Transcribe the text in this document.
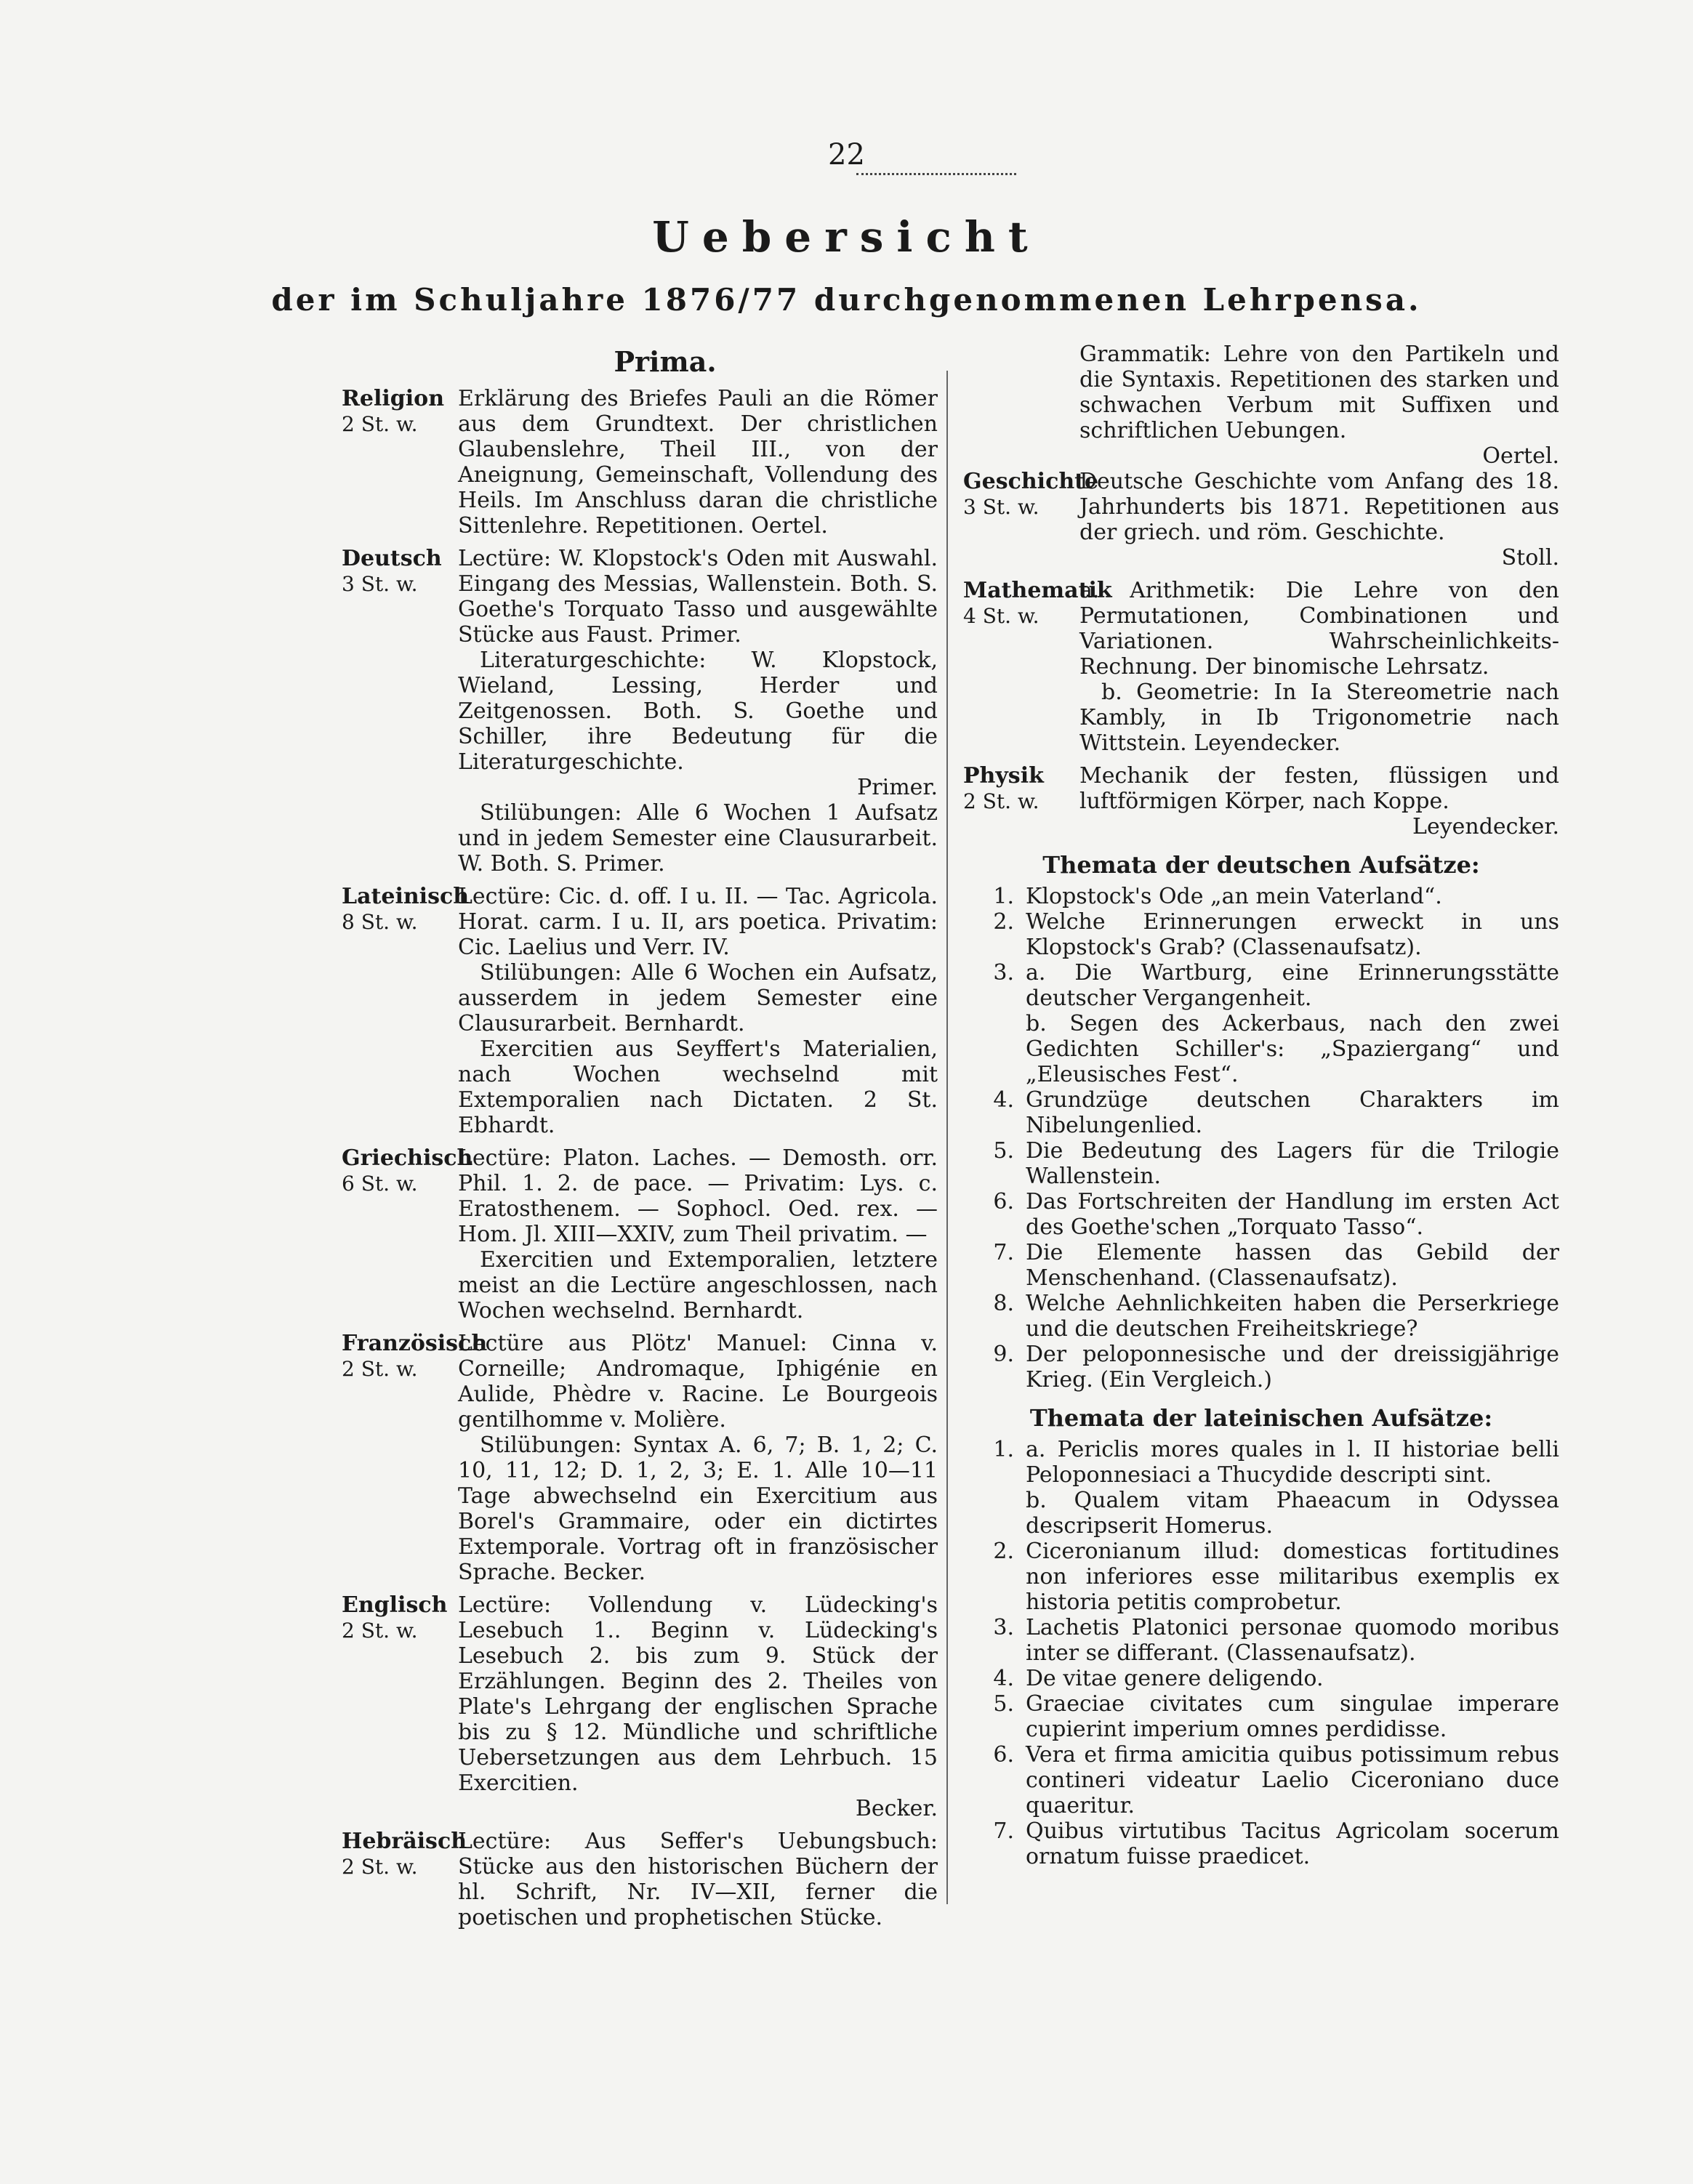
22
Uebersicht
der im Schuljahre 1876/77 durchgenommenen Lehrpensa.
Prima.
Religion
2 St. w.

Erklärung des Briefes Pauli an die Römer aus dem Grundtext. Der christlichen Glaubenslehre, Theil III., von der Aneignung, Gemeinschaft, Vollendung des Heils. Im Anschluss daran die christliche Sittenlehre. Repetitionen. Oertel.

Deutsch
3 St. w.

Lectüre: W. Klopstock's Oden mit Auswahl. Eingang des Messias, Wallenstein. Both. S. Goethe's Torquato Tasso und ausgewählte Stücke aus Faust. Primer.

Literaturgeschichte: W. Klopstock, Wieland, Lessing, Herder und Zeitgenossen. Both. S. Goethe und Schiller, ihre Bedeutung für die Literaturgeschichte.

Primer.

Stilübungen: Alle 6 Wochen 1 Aufsatz und in jedem Semester eine Clausurarbeit. W. Both. S. Primer.

Lateinisch
8 St. w.

Lectüre: Cic. d. off. I u. II. — Tac. Agricola. Horat. carm. I u. II, ars poetica. Privatim: Cic. Laelius und Verr. IV.

Stilübungen: Alle 6 Wochen ein Aufsatz, ausserdem in jedem Semester eine Clausurarbeit. Bernhardt.

Exercitien aus Seyffert's Materialien, nach Wochen wechselnd mit Extemporalien nach Dictaten. 2 St. Ebhardt.

Griechisch
6 St. w.

Lectüre: Platon. Laches. — Demosth. orr. Phil. 1. 2. de pace. — Privatim: Lys. c. Eratosthenem. — Sophocl. Oed. rex. — Hom. Jl. XIII—XXIV, zum Theil privatim. —

Exercitien und Extemporalien, letztere meist an die Lectüre angeschlossen, nach Wochen wechselnd. Bernhardt.

Französisch
2 St. w.

Lectüre aus Plötz' Manuel: Cinna v. Corneille; Andromaque, Iphigénie en Aulide, Phèdre v. Racine. Le Bourgeois gentilhomme v. Molière.

Stilübungen: Syntax A. 6, 7; B. 1, 2; C. 10, 11, 12; D. 1, 2, 3; E. 1. Alle 10—11 Tage abwechselnd ein Exercitium aus Borel's Grammaire, oder ein dictirtes Extemporale. Vortrag oft in französischer Sprache. Becker.

Englisch
2 St. w.

Lectüre: Vollendung v. Lüdecking's Lesebuch 1.. Beginn v. Lüdecking's Lesebuch 2. bis zum 9. Stück der Erzählungen. Beginn des 2. Theiles von Plate's Lehrgang der englischen Sprache bis zu § 12. Mündliche und schriftliche Uebersetzungen aus dem Lehrbuch. 15 Exercitien.

Becker.

Hebräisch
2 St. w.

Lectüre: Aus Seffer's Uebungsbuch: Stücke aus den historischen Büchern der hl. Schrift, Nr. IV—XII, ferner die poetischen und prophetischen Stücke.

Grammatik: Lehre von den Partikeln und die Syntaxis. Repetitionen des starken und schwachen Verbum mit Suffixen und schriftlichen Uebungen.

Oertel.

Geschichte
3 St. w.

Deutsche Geschichte vom Anfang des 18. Jahrhunderts bis 1871. Repetitionen aus der griech. und röm. Geschichte.

Stoll.

Mathematik
4 St. w.

a. Arithmetik: Die Lehre von den Permutationen, Combinationen und Variationen. Wahrscheinlichkeits-Rechnung. Der binomische Lehrsatz.

b. Geometrie: In Ia Stereometrie nach Kambly, in Ib Trigonometrie nach Wittstein. Leyendecker.

Physik
2 St. w.

Mechanik der festen, flüssigen und luftförmigen Körper, nach Koppe.

Leyendecker.

Themata der deutschen Aufsätze:
1. Klopstock's Ode „an mein Vaterland“.
2. Welche Erinnerungen erweckt in uns Klopstock's Grab? (Classenaufsatz).
3. a. Die Wartburg, eine Erinnerungsstätte deutscher Vergangenheit.
b. Segen des Ackerbaus, nach den zwei Gedichten Schiller's: „Spaziergang“ und „Eleusisches Fest“.
4. Grundzüge deutschen Charakters im Nibelungenlied.
5. Die Bedeutung des Lagers für die Trilogie Wallenstein.
6. Das Fortschreiten der Handlung im ersten Act des Goethe'schen „Torquato Tasso“.
7. Die Elemente hassen das Gebild der Menschenhand. (Classenaufsatz).
8. Welche Aehnlichkeiten haben die Perserkriege und die deutschen Freiheitskriege?
9. Der peloponnesische und der dreissigjährige Krieg. (Ein Vergleich.)
Themata der lateinischen Aufsätze:
1. a. Periclis mores quales in l. II historiae belli Peloponnesiaci a Thucydide descripti sint.
b. Qualem vitam Phaeacum in Odyssea descripserit Homerus.
2. Ciceronianum illud: domesticas fortitudines non inferiores esse militaribus exemplis ex historia petitis comprobetur.
3. Lachetis Platonici personae quomodo moribus inter se differant. (Classenaufsatz).
4. De vitae genere deligendo.
5. Graeciae civitates cum singulae imperare cupierint imperium omnes perdidisse.
6. Vera et firma amicitia quibus potissimum rebus contineri videatur Laelio Ciceroniano duce quaeritur.
7. Quibus virtutibus Tacitus Agricolam socerum ornatum fuisse praedicet.
